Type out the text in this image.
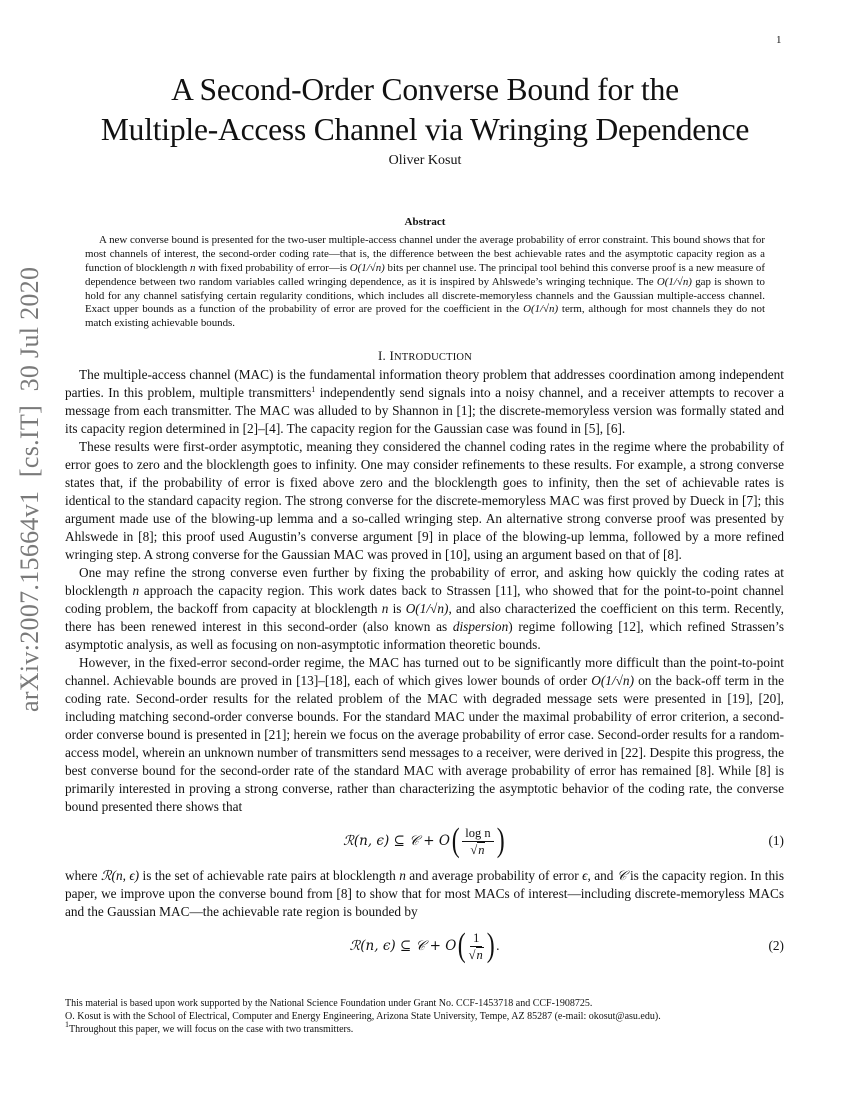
1
arXiv:2007.15664v1  [cs.IT]  30 Jul 2020
A Second-Order Converse Bound for the
Multiple-Access Channel via Wringing Dependence
Oliver Kosut
Abstract

A new converse bound is presented for the two-user multiple-access channel under the average probability of error constraint. This bound shows that for most channels of interest, the second-order coding rate—that is, the difference between the best achievable rates and the asymptotic capacity region as a function of blocklength n with fixed probability of error—is O(1/√n) bits per channel use. The principal tool behind this converse proof is a new measure of dependence between two random variables called wringing dependence, as it is inspired by Ahlswede’s wringing technique. The O(1/√n) gap is shown to hold for any channel satisfying certain regularity conditions, which includes all discrete-memoryless channels and the Gaussian multiple-access channel. Exact upper bounds as a function of the probability of error are proved for the coefficient in the O(1/√n) term, although for most channels they do not match existing achievable bounds.

I. INTRODUCTION

The multiple-access channel (MAC) is the fundamental information theory problem that addresses coordination among independent parties. In this problem, multiple transmitters$^1$ independently send signals into a noisy channel, and a receiver attempts to recover a message from each transmitter. The MAC was alluded to by Shannon in [1]; the discrete-memoryless version was formally stated and its capacity region determined in [2]–[4]. The capacity region for the Gaussian case was found in [5], [6].

These results were first-order asymptotic, meaning they considered the channel coding rates in the regime where the probability of error goes to zero and the blocklength goes to infinity. One may consider refinements to these results. For example, a strong converse states that, if the probability of error is fixed above zero and the blocklength goes to infinity, then the set of achievable rates is identical to the standard capacity region. The strong converse for the discrete-memoryless MAC was first proved by Dueck in [7]; this argument made use of the blowing-up lemma and a so-called wringing step. An alternative strong converse proof was presented by Ahlswede in [8]; this proof used Augustin’s converse argument [9] in place of the blowing-up lemma, followed by a more refined wringing step. A strong converse for the Gaussian MAC was proved in [10], using an argument based on that of [8].

One may refine the strong converse even further by fixing the probability of error, and asking how quickly the coding rates at blocklength n approach the capacity region. This work dates back to Strassen [11], who showed that for the point-to-point channel coding problem, the backoff from capacity at blocklength n is O(1/√n), and also characterized the coefficient on this term. Recently, there has been renewed interest in this second-order (also known as dispersion) regime following [12], which refined Strassen’s asymptotic analysis, as well as focusing on non-asymptotic information theoretic bounds.

However, in the fixed-error second-order regime, the MAC has turned out to be significantly more difficult than the point-to-point channel. Achievable bounds are proved in [13]–[18], each of which gives lower bounds of order O(1/√n) on the back-off term in the coding rate. Second-order results for the related problem of the MAC with degraded message sets were presented in [19], [20], including matching second-order converse bounds. For the standard MAC under the maximal probability of error criterion, a second-order converse bound is presented in [21]; herein we focus on the average probability of error case. Second-order results for a random-access model, wherein an unknown number of transmitters send messages to a receiver, were derived in [22]. Despite this progress, the best converse bound for the second-order rate of the standard MAC with average probability of error has remained [8]. While [8] is primarily interested in proving a strong converse, rather than characterizing the asymptotic behavior of the coding rate, the converse bound presented there shows that

ℛ(n, ϵ) ⊆ 𝒞 + O ( $\frac{\text{log n}}{√n}$ )	(1)

where ℛ(n, ϵ) is the set of achievable rate pairs at blocklength n and average probability of error ϵ, and 𝒞 is the capacity region. In this paper, we improve upon the converse bound from [8] to show that for most MACs of interest—including discrete-memoryless MACs and the Gaussian MAC—the achievable rate region is bounded by

ℛ(n, ϵ) ⊆ 𝒞 + O ( $\frac{1}{√n}$ ) .	(2)
This material is based upon work supported by the National Science Foundation under Grant No. CCF-1453718 and CCF-1908725.
O. Kosut is with the School of Electrical, Computer and Energy Engineering, Arizona State University, Tempe, AZ 85287 (e-mail: okosut@asu.edu).
$^1$Throughout this paper, we will focus on the case with two transmitters.
